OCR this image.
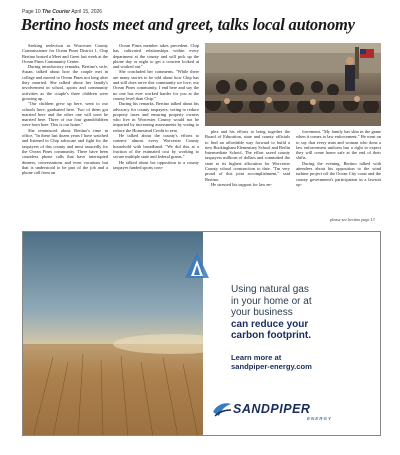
Page 10 The Courier April 15, 2026
Bertino hosts meet and greet, talks local autonomy

Seeking reelection as Worcester County Commissioner for Ocean Pines District 1, Chip Bertino hosted a Meet and Greet last week at the Ocean Pines Community Center.

During introductory remarks, Bertino's wife, Susan, talked about how the couple met in college and moved to Ocean Pines not long after they married. She talked about her family's involvement in school, sports and community activities as the couple's three children were growing up.

"Our children grew up here, went to our schools here, graduated here. Two of them got married here and the other one will soon be married here. Three of our four grandchildren were born here. This is our home."

She reminisced about Bertino's time in office, "In these last dozen years I have watched and listened to Chip advocate and fight for the taxpayers of this county and most assuredly for the Ocean Pines community. There have been countless phone calls that have interrupted dinners, conversations and even vacations but that is understood to be part of the job and a phone call from an

Ocean Pines member takes precedent. Chip has cultivated relationships within every department at the county and will pick up the phone day or night to get a concern looked at and worked out."

She concluded her comments. "While there are many stories to be told about how Chip has and still does serve this community we love, our Ocean Pines community, I end here and say the no one has ever worked harder for you at the county level than Chip."

During his remarks, Bertino talked about his advocacy for county taxpayers, voting to reduce property taxes and ensuring property owners who live in Worcester County would not be impacted by increasing assessments by voting to reduce the Homestead Credit to zero.

He talked about the county's efforts to connect almost every Worcester County household with broadband. "We did this at a fraction of the estimated cost by working to secure multiple state and federal grants."

He talked about his opposition to a county taxpayer funded sports com-

plex and his efforts to bring together the Board of Education, state and county officials to find an affordable way forward to build a new Buckingham Elementary School and Berlin Intermediate School. The effort saved county taxpayers millions of dollars and committed the state to its highest allocation for Worcester County school construction to date. "I'm very proud of this joint accomplishment," said Bertino.

He stressed his support for law en-

forcement. "My family has skin in the game when it comes to law enforcement." He went on to say that every man and woman who dons a law enforcement uniform has a right to expect they will come home safe at the end of their shifts.

During the evening, Bertino talked with attendees about his opposition to the wind turbine project off the Ocean City coast and the county government's participation in a lawsuit op-

please see bertino page 13
Using natural gas
in your home or at
your business
can reduce your
carbon footprint.
Learn more at
sandpiper-energy.com
SANDPIPER
ENERGY
